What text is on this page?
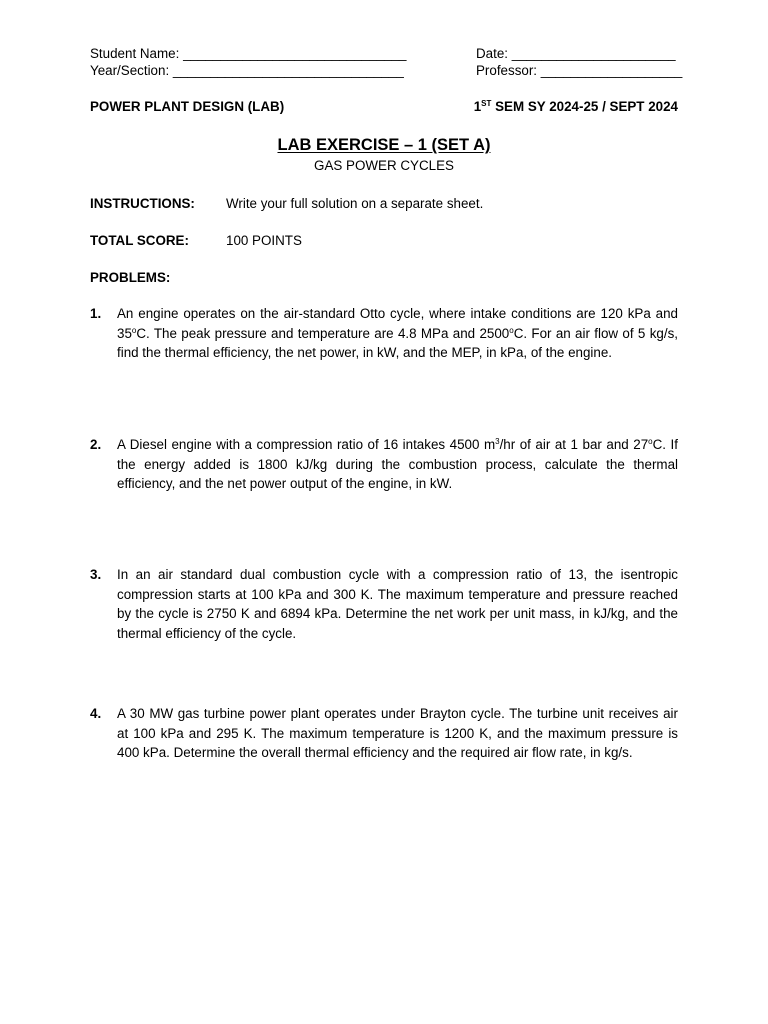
Student Name: ______________________________
Year/Section: _______________________________
Date: ______________________
Professor: ___________________
POWER PLANT DESIGN (LAB)	1ST SEM SY 2024-25 / SEPT 2024
LAB EXERCISE – 1 (SET A)
GAS POWER CYCLES
INSTRUCTIONS: Write your full solution on a separate sheet.
TOTAL SCORE:	100 POINTS
PROBLEMS:
1.	An engine operates on the air-standard Otto cycle, where intake conditions are 120 kPa and 35$^o$C. The peak pressure and temperature are 4.8 MPa and 2500$^o$C. For an air flow of 5 kg/s, find the thermal efficiency, the net power, in kW, and the MEP, in kPa, of the engine.
2.	A Diesel engine with a compression ratio of 16 intakes 4500 $m^3/hr$ of air at 1 bar and 27$^o$C. If the energy added is 1800 kJ/kg during the combustion process, calculate the thermal efficiency, and the net power output of the engine, in kW.
3.	In an air standard dual combustion cycle with a compression ratio of 13, the isentropic compression starts at 100 kPa and 300 K. The maximum temperature and pressure reached by the cycle is 2750 K and 6894 kPa. Determine the net work per unit mass, in kJ/kg, and the thermal efficiency of the cycle.
4.	A 30 MW gas turbine power plant operates under Brayton cycle. The turbine unit receives air at 100 kPa and 295 K. The maximum temperature is 1200 K, and the maximum pressure is 400 kPa. Determine the overall thermal efficiency and the required air flow rate, in kg/s.
